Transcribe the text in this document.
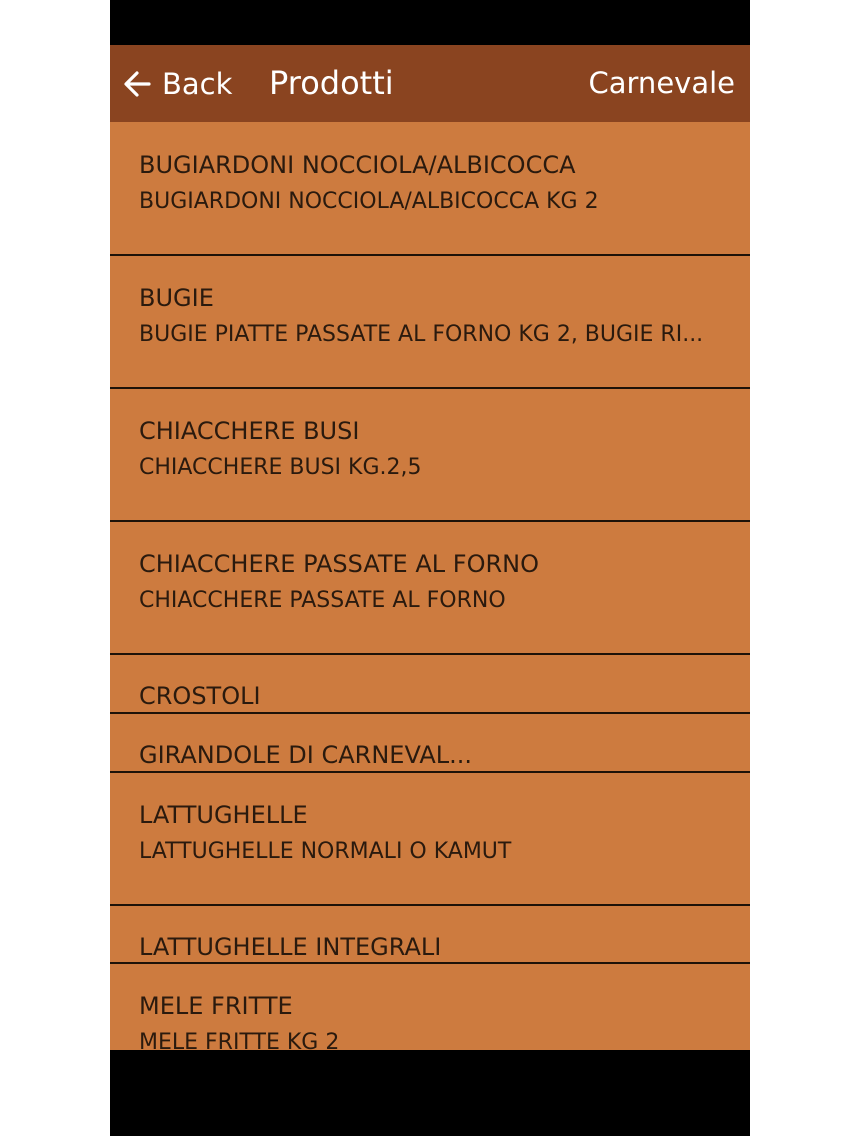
Back Prodotti	Carnevale
BUGIARDONI NOCCIOLA/ALBICOCCA
BUGIARDONI NOCCIOLA/ALBICOCCA KG 2
BUGIE
BUGIE PIATTE PASSATE AL FORNO KG 2, BUGIE RI...
CHIACCHERE BUSI
CHIACCHERE BUSI KG.2,5
CHIACCHERE PASSATE AL FORNO
CHIACCHERE PASSATE AL FORNO
CROSTOLI
GIRANDOLE DI CARNEVAL...
LATTUGHELLE
LATTUGHELLE NORMALI O KAMUT
LATTUGHELLE INTEGRALI
MELE FRITTE
MELE FRITTE KG 2
